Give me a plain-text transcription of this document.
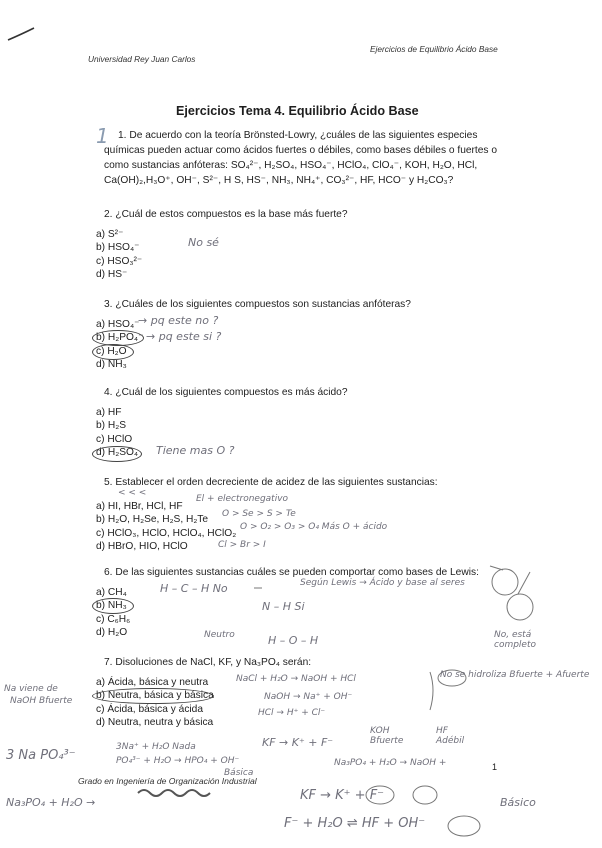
Universidad Rey Juan Carlos
Ejercicios de Equilibrio Ácido Base
Ejercicios Tema 4. Equilibrio Ácido Base
1. De acuerdo con la teoría Brönsted-Lowry, ¿cuáles de las siguientes especies químicas pueden actuar como ácidos fuertes o débiles, como bases débiles o fuertes o como sustancias anfóteras: SO₄²⁻, H₂SO₄, HSO₄⁻, HClO₄, ClO₄⁻, KOH, H₂O, HCl, Ca(OH)₂,H₃O⁺, OH⁻, S²⁻, H S, HS⁻, NH₃, NH₄⁺, CO₃²⁻, HF, HCO⁻ y H₂CO₃?
1
2. ¿Cuál de estos compuestos es la base más fuerte?
a) S²⁻
b) HSO₄⁻
c) HSO₃²⁻
d) HS⁻
No sé
3. ¿Cuáles de los siguientes compuestos son sustancias anfóteras?
a) HSO₄⁻
b) H₂PO₄⁻
c) H₂O
d) NH₃
→ pq este no ?
→ pq este si ?
4. ¿Cuál de los siguientes compuestos es más ácido?
a) HF
b) H₂S
c) HClO
d) H₂SO₄ Tiene mas O ?
5. Establecer el orden decreciente de acidez de las siguientes sustancias:
< < <
a) HI, HBr, HCl, HF
b) H₂O, H₂Se, H₂S, H₂Te
c) HClO₃, HClO, HClO₄, HClO₂
d) HBrO, HIO, HClO
El + electronegativo
O > Se > S > Te
O > O₂ > O₃ > O₄ Más O + ácido
Cl > Br > I
6. De las siguientes sustancias cuáles se pueden comportar como bases de Lewis:
a) CH₄
b) NH₃
c) C₆H₆
d) H₂O
H – C – H No
N – H Si
Según Lewis → Ácido y base al seres
H – O – H
Neutro	No, está completo
7. Disoluciones de NaCl, KF, y Na₃PO₄ serán:
a) Ácida, básica y neutra
b) Neutra, básica y básica
c) Ácida, básica y ácida
d) Neutra, neutra y básica
Na viene de
NaOH Bfuerte
NaCl + H₂O → NaOH + HCl
NaOH → Na⁺ + OH⁻
HCl → H⁺ + Cl⁻
No se hidroliza Bfuerte + Afuerte
KF → K⁺ + F⁻
KOH Bfuerte
HF Adébil
3 Na PO₄³⁻
3Na⁺ + H₂O Nada
PO₄³⁻ + H₂O → HPO₄ + OH⁻
Básica
Na₃PO₄ + H₂O → NaOH +
Grado en Ingeniería de Organización Industrial
1
Na₃PO₄ + H₂O →	KF → K⁺ + F⁻
F⁻ + H₂O ⇌ HF + OH⁻
Básico
